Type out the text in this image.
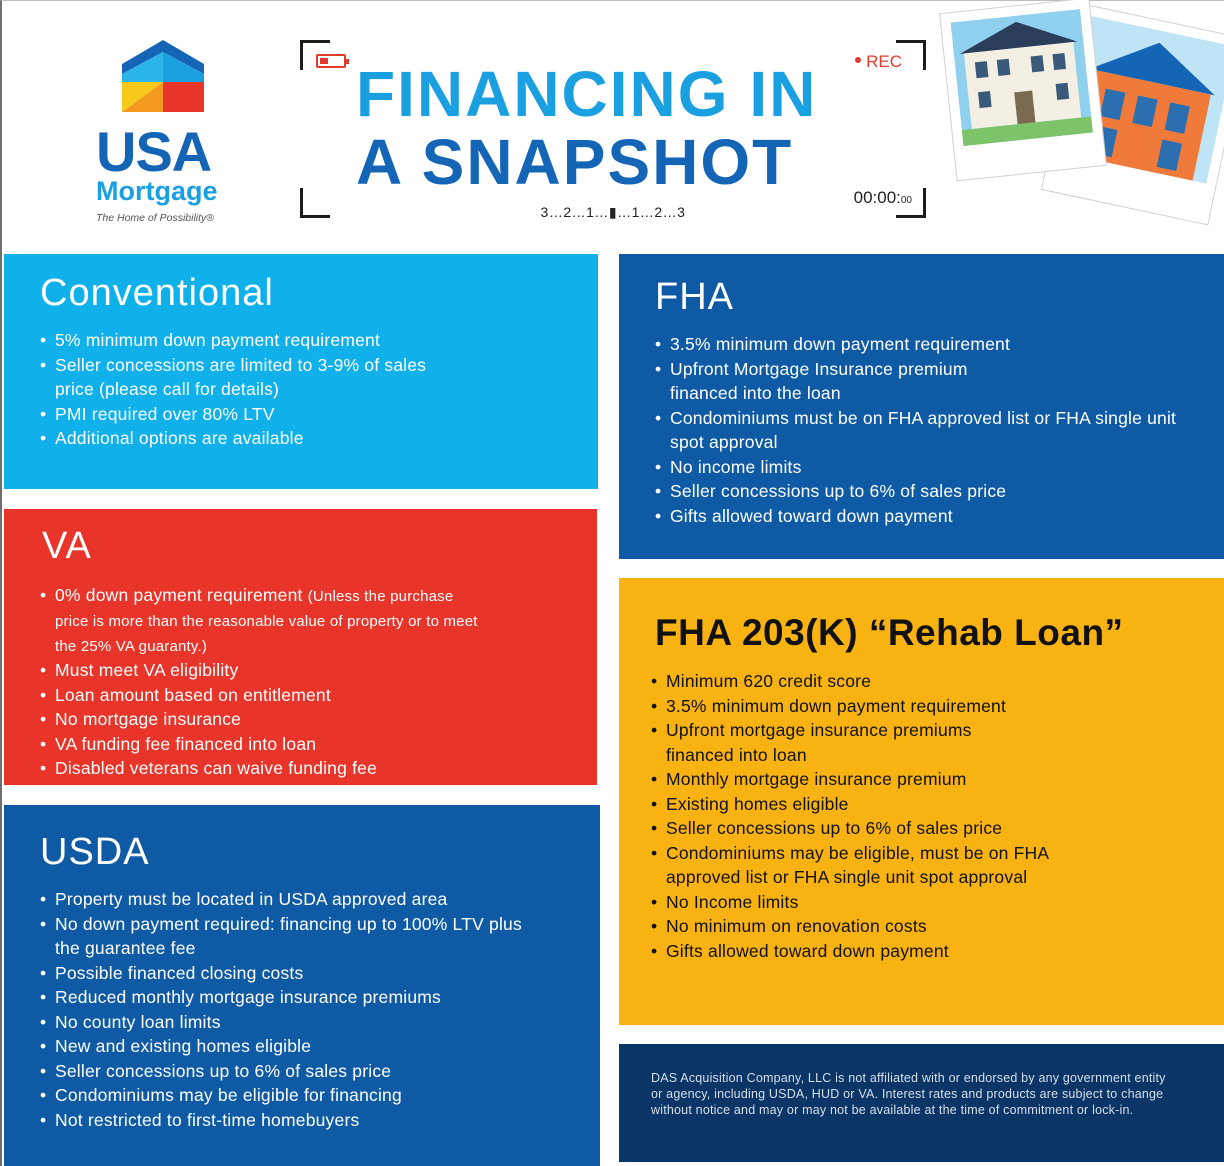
USA
Mortgage
The Home of Possibility®
REC
FINANCING IN
A SNAPSHOT	00:00:00
3…2…1…▮…1…2…3
Conventional
• 5% minimum down payment requirement
• Seller concessions are limited to 3-9% of sales price (please call for details)
• PMI required over 80% LTV
• Additional options are available
VA
• 0% down payment requirement (Unless the purchase price is more than the reasonable value of property or to meet the 25% VA guaranty.)
• Must meet VA eligibility
• Loan amount based on entitlement
• No mortgage insurance
• VA funding fee financed into loan
• Disabled veterans can waive funding fee
USDA
• Property must be located in USDA approved area
• No down payment required: financing up to 100% LTV plus the guarantee fee
• Possible financed closing costs
• Reduced monthly mortgage insurance premiums
• No county loan limits
• New and existing homes eligible
• Seller concessions up to 6% of sales price
• Condominiums may be eligible for financing
• Not restricted to first-time homebuyers
FHA
• 3.5% minimum down payment requirement
• Upfront Mortgage Insurance premium financed into the loan
• Condominiums must be on FHA approved list or FHA single unit spot approval
• No income limits
• Seller concessions up to 6% of sales price
• Gifts allowed toward down payment
FHA 203(K) “Rehab Loan”
• Minimum 620 credit score
• 3.5% minimum down payment requirement
• Upfront mortgage insurance premiums financed into loan
• Monthly mortgage insurance premium
• Existing homes eligible
• Seller concessions up to 6% of sales price
• Condominiums may be eligible, must be on FHA approved list or FHA single unit spot approval
• No Income limits
• No minimum on renovation costs
• Gifts allowed toward down payment

DAS Acquisition Company, LLC is not affiliated with or endorsed by any government entity or agency, including USDA, HUD or VA. Interest rates and products are subject to change without notice and may or may not be available at the time of commitment or lock-in.
